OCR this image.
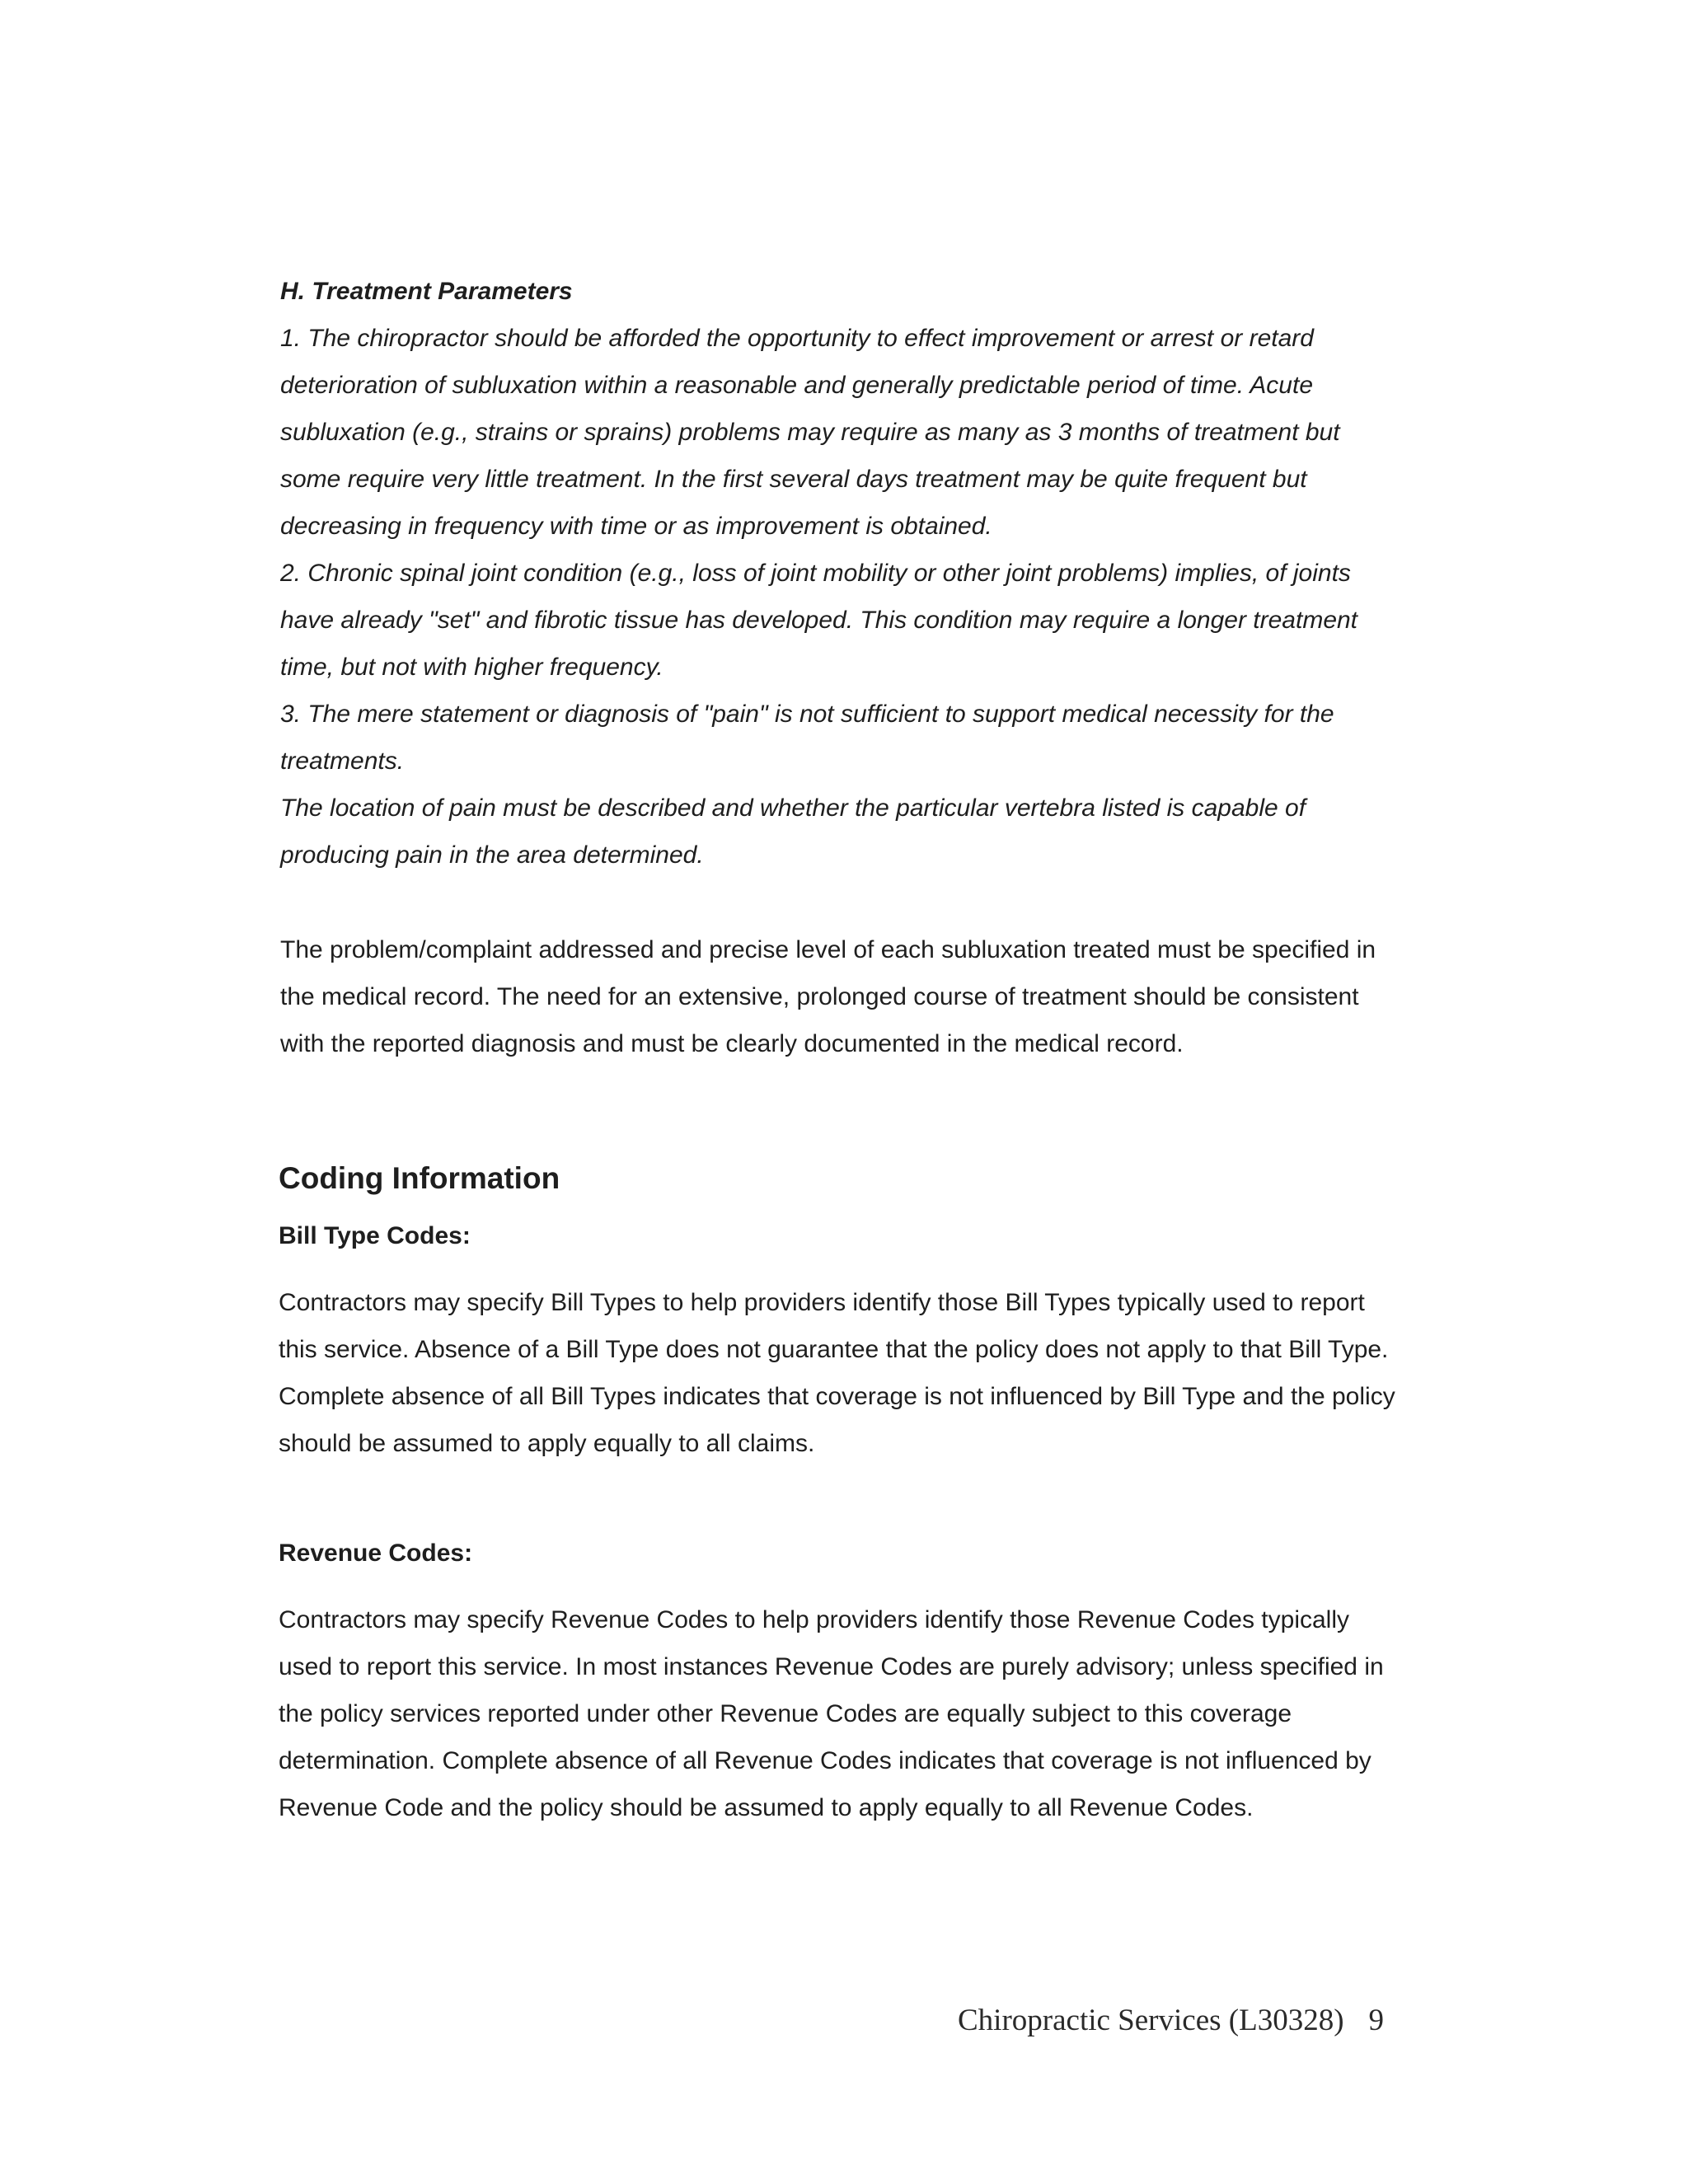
H. Treatment Parameters
1. The chiropractor should be afforded the opportunity to effect improvement or arrest or retard
deterioration of subluxation within a reasonable and generally predictable period of time. Acute
subluxation (e.g., strains or sprains) problems may require as many as 3 months of treatment but
some require very little treatment. In the first several days treatment may be quite frequent but
decreasing in frequency with time or as improvement is obtained.
2. Chronic spinal joint condition (e.g., loss of joint mobility or other joint problems) implies, of joints
have already "set" and fibrotic tissue has developed. This condition may require a longer treatment
time, but not with higher frequency.
3. The mere statement or diagnosis of "pain" is not sufficient to support medical necessity for the
treatments.
The location of pain must be described and whether the particular vertebra listed is capable of
producing pain in the area determined.
The problem/complaint addressed and precise level of each subluxation treated must be specified in
the medical record. The need for an extensive, prolonged course of treatment should be consistent
with the reported diagnosis and must be clearly documented in the medical record.
Coding Information
Bill Type Codes:
Contractors may specify Bill Types to help providers identify those Bill Types typically used to report
this service. Absence of a Bill Type does not guarantee that the policy does not apply to that Bill Type.
Complete absence of all Bill Types indicates that coverage is not influenced by Bill Type and the policy
should be assumed to apply equally to all claims.
Revenue Codes:
Contractors may specify Revenue Codes to help providers identify those Revenue Codes typically
used to report this service. In most instances Revenue Codes are purely advisory; unless specified in
the policy services reported under other Revenue Codes are equally subject to this coverage
determination. Complete absence of all Revenue Codes indicates that coverage is not influenced by
Revenue Code and the policy should be assumed to apply equally to all Revenue Codes.
Chiropractic Services (L30328) 9
